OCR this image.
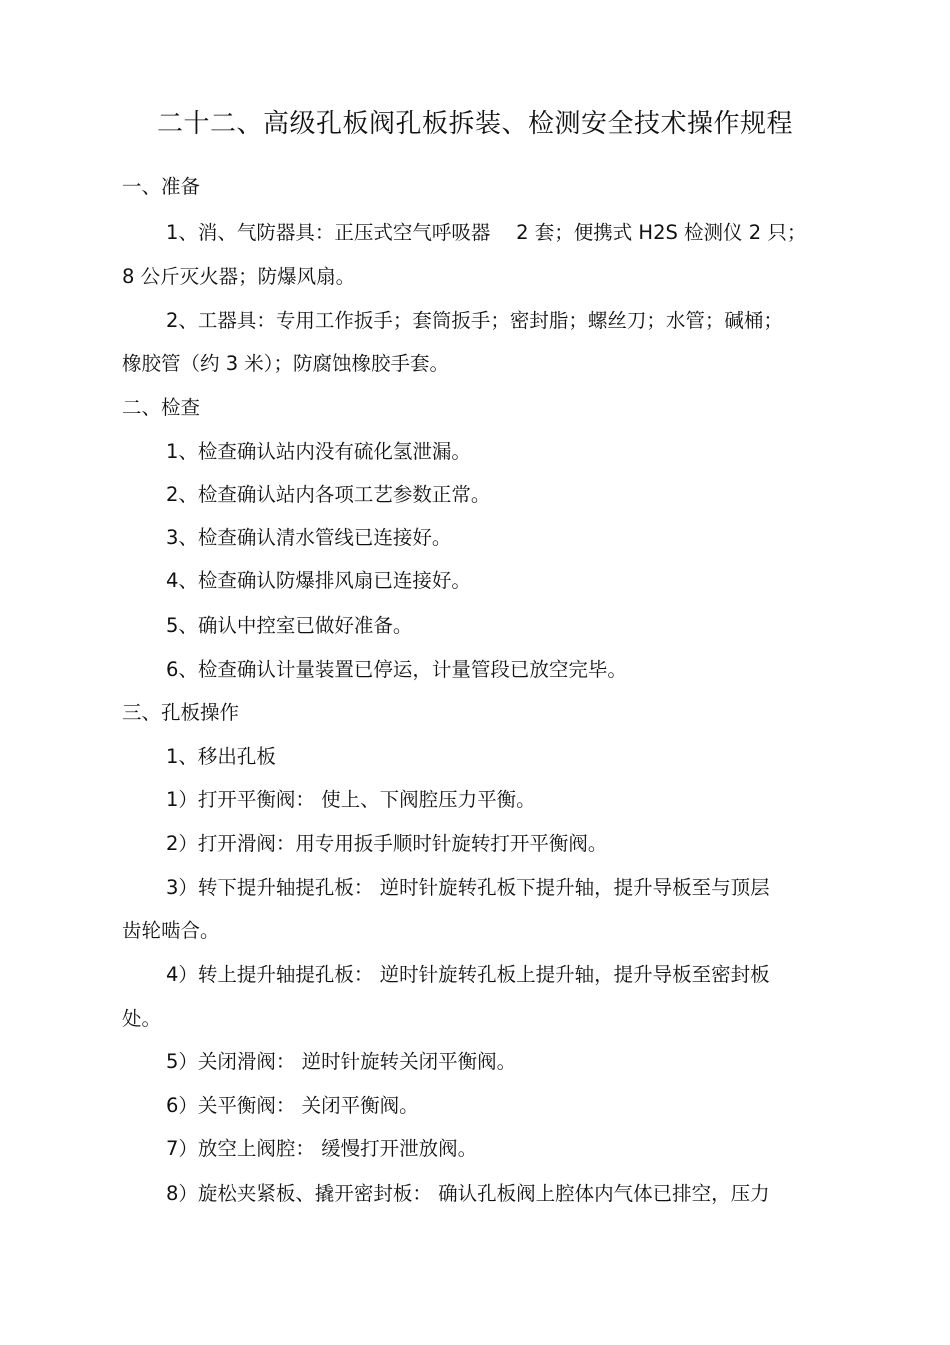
二十二、高级孔板阀孔板拆装、检测安全技术操作规程
一、准备
1、消、气防器具：正压式空气呼吸器　 2 套；便携式 H2S 检测仪 2 只；
8 公斤灭火器；防爆风扇。
2、工器具：专用工作扳手；套筒扳手；密封脂；螺丝刀；水管；碱桶；
橡胶管（约 3 米）；防腐蚀橡胶手套。
二、检查
1、检查确认站内没有硫化氢泄漏。
2、检查确认站内各项工艺参数正常。
3、检查确认清水管线已连接好。
4、检查确认防爆排风扇已连接好。
5、确认中控室已做好准备。
6、检查确认计量装置已停运，计量管段已放空完毕。
三、孔板操作
1、移出孔板
1）打开平衡阀： 使上、下阀腔压力平衡。
2）打开滑阀：用专用扳手顺时针旋转打开平衡阀。
3）转下提升轴提孔板： 逆时针旋转孔板下提升轴，提升导板至与顶层
齿轮啮合。
4）转上提升轴提孔板： 逆时针旋转孔板上提升轴，提升导板至密封板
处。
5）关闭滑阀： 逆时针旋转关闭平衡阀。
6）关平衡阀： 关闭平衡阀。
7）放空上阀腔： 缓慢打开泄放阀。
8）旋松夹紧板、撬开密封板： 确认孔板阀上腔体内气体已排空，压力
